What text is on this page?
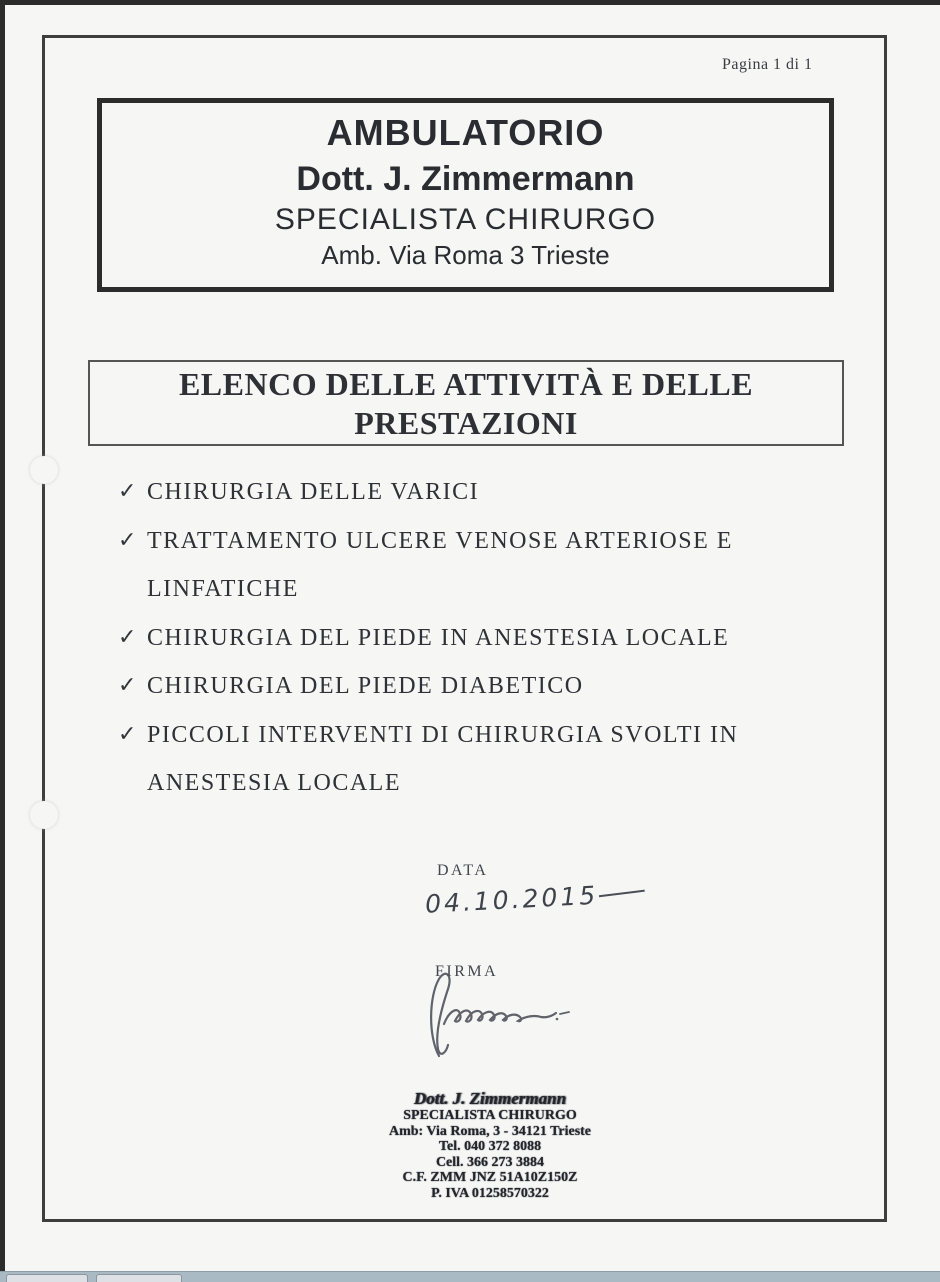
Pagina 1 di 1
AMBULATORIO
Dott. J. Zimmermann
SPECIALISTA CHIRURGO
Amb. Via Roma 3 Trieste
ELENCO DELLE ATTIVITÀ E DELLE PRESTAZIONI
✓ CHIRURGIA DELLE VARICI
✓ TRATTAMENTO ULCERE VENOSE ARTERIOSE E LINFATICHE
✓ CHIRURGIA DEL PIEDE IN ANESTESIA LOCALE
✓ CHIRURGIA DEL PIEDE DIABETICO
✓ PICCOLI INTERVENTI DI CHIRURGIA SVOLTI IN ANESTESIA LOCALE
DATA
04.10.2015
FIRMA
Dott. J. Zimmermann
SPECIALISTA CHIRURGO
Amb: Via Roma, 3 - 34121 Trieste
Tel. 040 372 8088
Cell. 366 273 3884
C.F. ZMM JNZ 51A10Z150Z
P. IVA 01258570322
